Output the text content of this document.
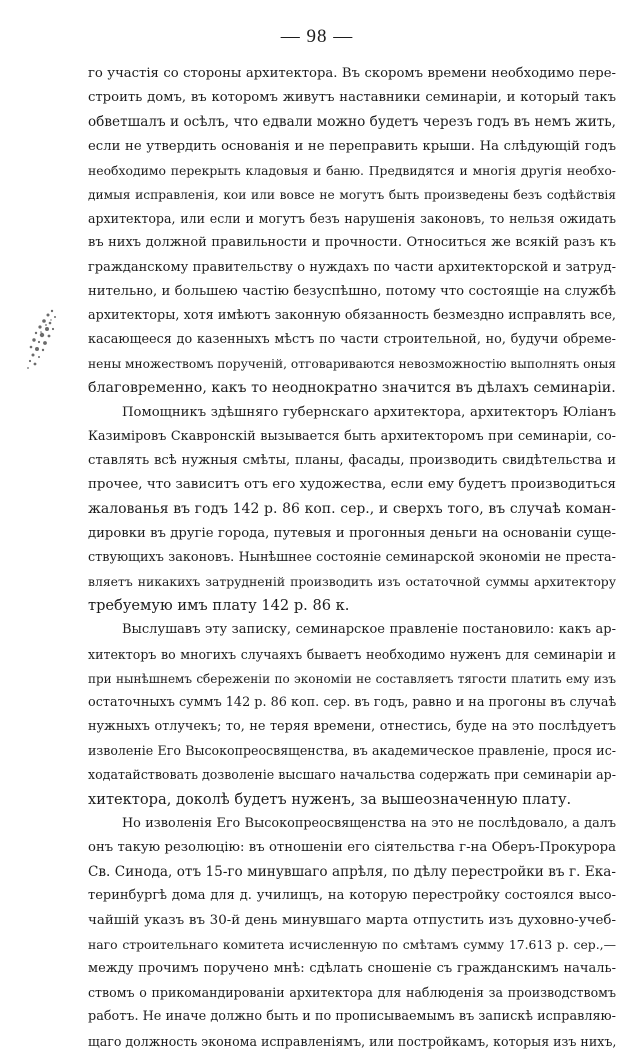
— 98 —
го участія со стороны архитектора. Въ скоромъ времени необходимо пере-
строить домъ, въ которомъ живутъ наставники семинаріи, и который такъ
обветшалъ и осѣлъ, что едвали можно будетъ черезъ годъ въ немъ жить,
если не утвердить основанія и не переправить крыши. На слѣдующій годъ
необходимо перекрыть кладовыя и баню. Предвидятся и многія другія необхо-
димыя исправленія, кои или вовсе не могутъ быть произведены безъ содѣйствія
архитектора, или если и могутъ безъ нарушенія законовъ, то нельзя ожидать
въ нихъ должной правильности и прочности. Относиться же всякій разъ къ
гражданскому правительству о нуждахъ по части архитекторской и затруд-
нительно, и большею частію безуспѣшно, потому что состоящіе на службѣ
архитекторы, хотя имѣютъ законную обязанность безмездно исправлять все,
касающееся до казенныхъ мѣстъ по части строительной, но, будучи обреме-
нены множествомъ порученій, отговариваются невозможностію выполнять оныя
благовременно, какъ то неоднократно значится въ дѣлахъ семинаріи.
Помощникъ здѣшняго губернскаго архитектора, архитекторъ Юліанъ
Казиміровъ Скавронскій вызывается быть архитекторомъ при семинаріи, со-
ставлять всѣ нужныя смѣты, планы, фасады, производить свидѣтельства и
прочее, что зависитъ отъ его художества, если ему будетъ производиться
жалованья въ годъ 142 р. 86 коп. сер., и сверхъ того, въ случаѣ коман-
дировки въ другіе города, путевыя и прогонныя деньги на основаніи суще-
ствующихъ законовъ. Нынѣшнее состояніе семинарской экономіи не преста-
вляетъ никакихъ затрудненій производить изъ остаточной суммы архитектору
требуемую имъ плату 142 р. 86 к.
Выслушавъ эту записку, семинарское правленіе постановило: какъ ар-
хитекторъ во многихъ случаяхъ бываетъ необходимо нуженъ для семинаріи и
при нынѣшнемъ сбереженіи по экономіи не составляетъ тягости платить ему изъ
остаточныхъ суммъ 142 р. 86 коп. сер. въ годъ, равно и на прогоны въ случаѣ
нужныхъ отлучекъ; то, не теряя времени, отнестись, буде на это послѣдуетъ
изволеніе Его Высокопреосвященства, въ академическое правленіе, прося ис-
ходатайствовать дозволеніе высшаго начальства содержать при семинаріи ар-
хитектора, доколѣ будетъ нуженъ, за вышеозначенную плату.
Но изволенія Его Высокопреосвященства на это не послѣдовало, а далъ
онъ такую резолюцію: въ отношеніи его сіятельства г-на Оберъ-Прокурора
Св. Синода, отъ 15-го минувшаго апрѣля, по дѣлу перестройки въ г. Ека-
теринбургѣ дома для д. училищъ, на которую перестройку состоялся высо-
чайшій указъ въ 30-й день минувшаго марта отпустить изъ духовно-учеб-
наго строительнаго комитета исчисленную по смѣтамъ сумму 17.613 р. сер.,—
между прочимъ поручено мнѣ: сдѣлать сношеніе съ гражданскимъ началь-
ствомъ о прикомандированіи архитектора для наблюденія за производствомъ
работъ. Не иначе должно быть и по прописываемымъ въ запискѣ исправляю-
щаго должность эконома исправленіямъ, или постройкамъ, которыя изъ нихъ,
